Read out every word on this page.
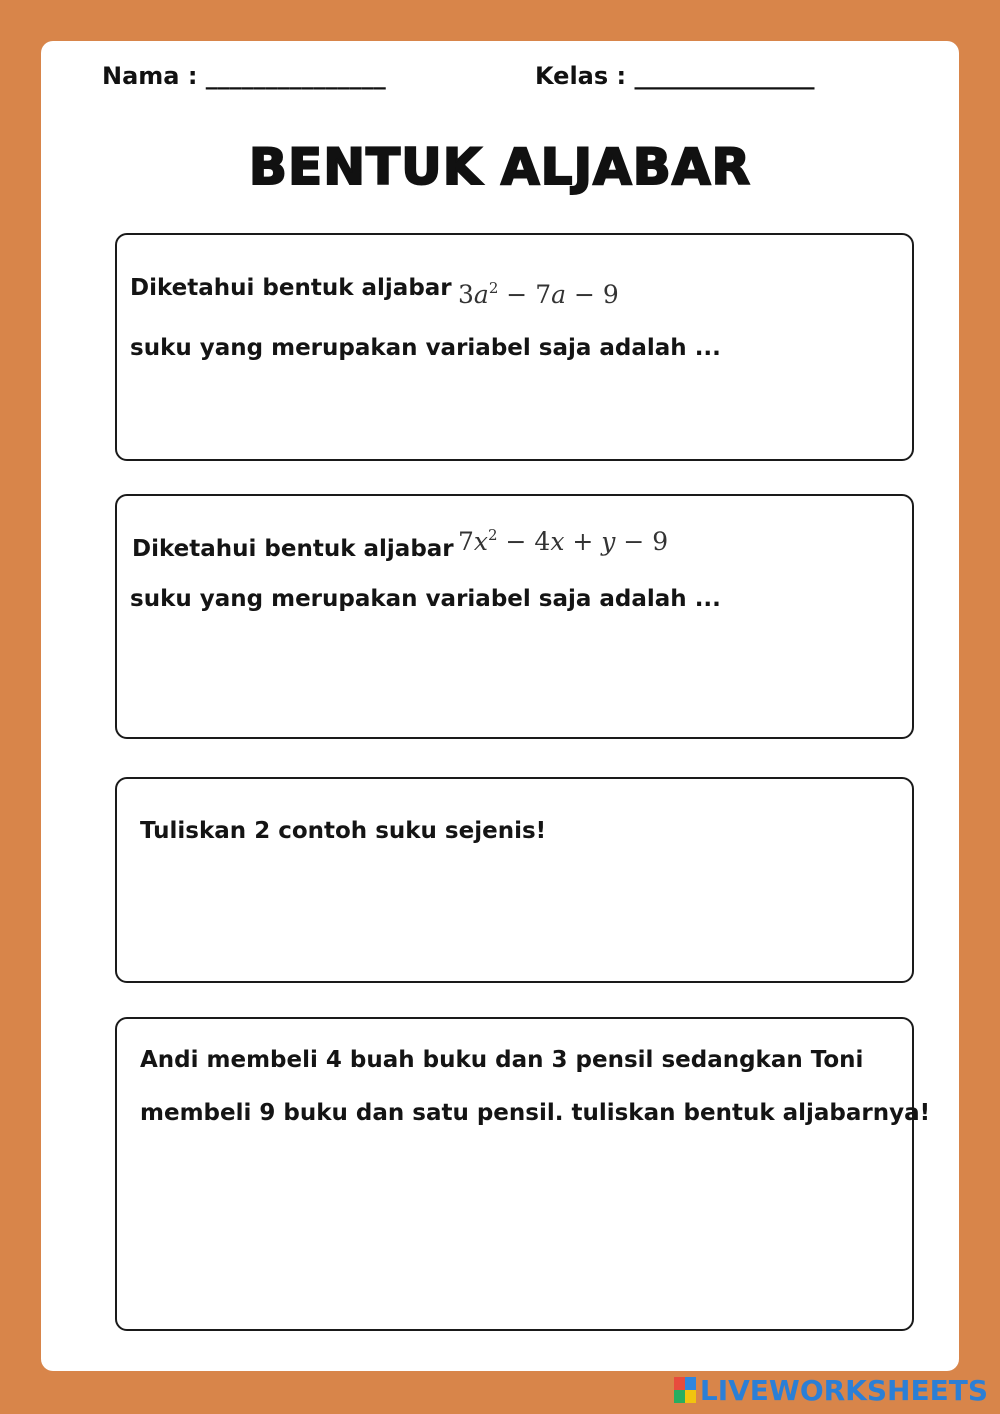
Nama : _______________	Kelas : _______________
BENTUK ALJABAR
Diketahui bentuk aljabar $3a^2 - 7a - 9$
suku yang merupakan variabel saja adalah ...
Diketahui bentuk aljabar $7x^2 - 4x + y - 9$
suku yang merupakan variabel saja adalah ...
Tuliskan 2 contoh suku sejenis!
Andi membeli 4 buah buku dan 3 pensil sedangkan Toni
membeli 9 buku dan satu pensil. tuliskan bentuk aljabarnya!
LIVEWORKSHEETS
